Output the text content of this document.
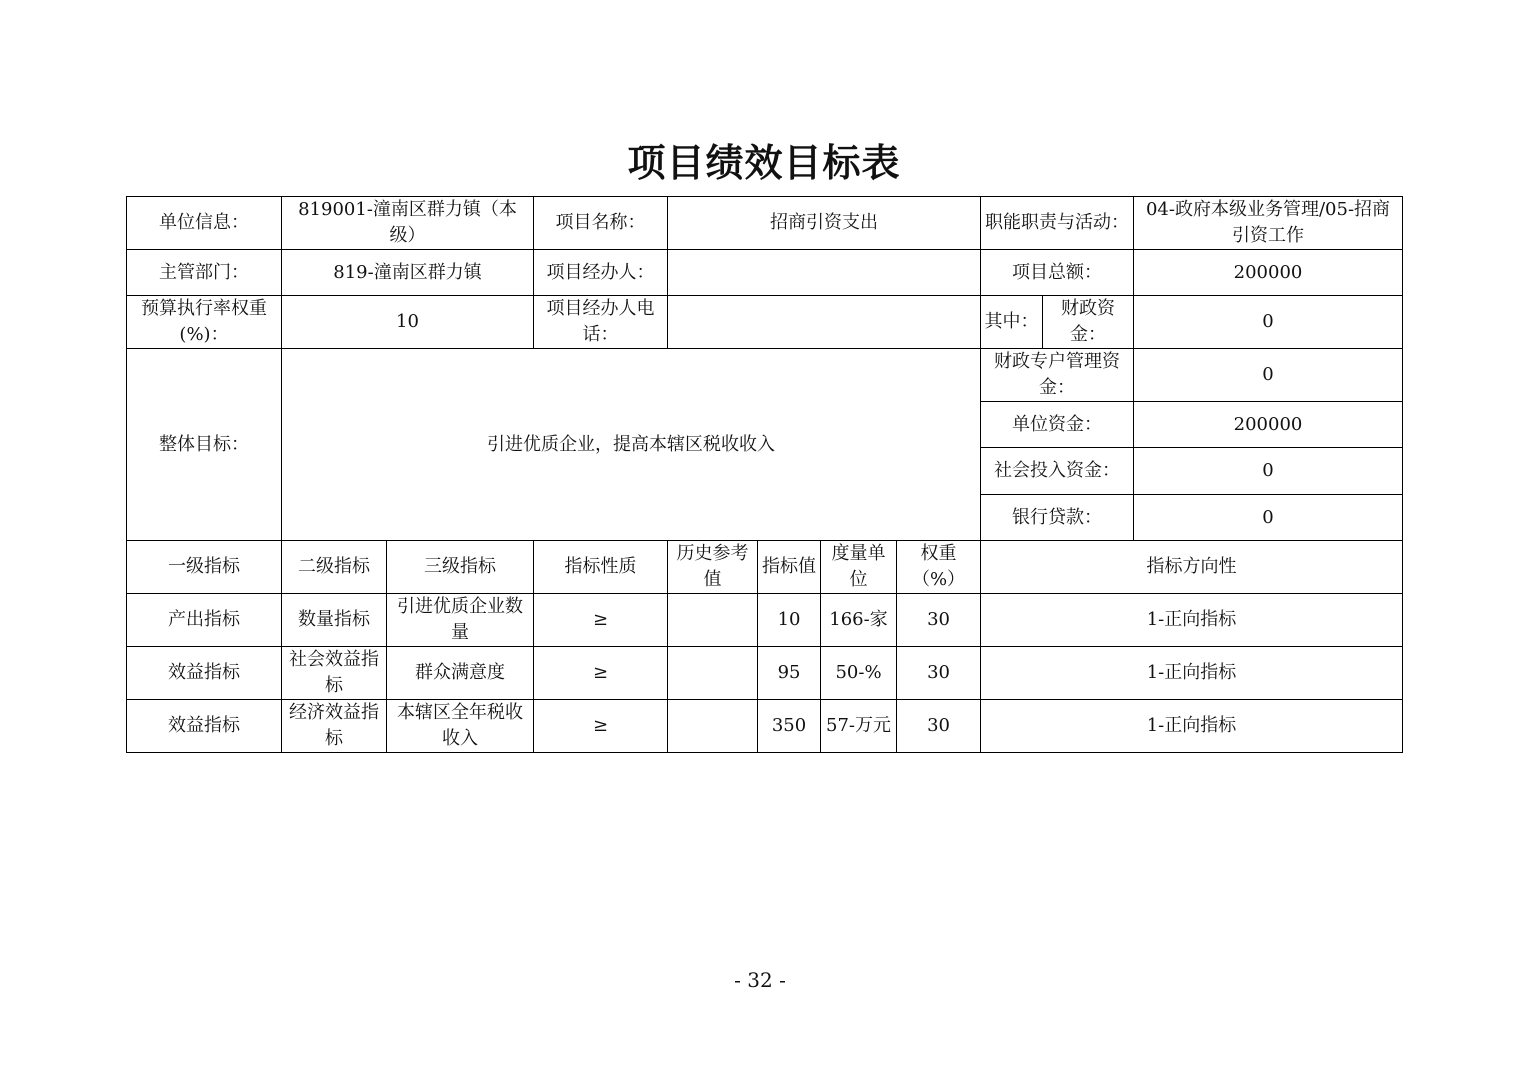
项目绩效目标表
单位信息：	819001-潼南区群力镇（本级）		项目名称：	招商引资支出				职能职责与活动：		04-政府本级业务管理/05-招商引资工作
主管部门：	819-潼南区群力镇		项目经办人：					项目总额：		200000
预算执行率权重(%)：	10		项目经办人电话：					其中：	财政资金：	0
整体目标：	引进优质企业，提高本辖区税收收入							财政专户管理资金：		0
								单位资金：		200000
								社会投入资金：		0
								银行贷款：		0
一级指标	二级指标	三级指标	指标性质	历史参考值	指标值	度量单位	权重（%）	指标方向性		
产出指标	数量指标	引进优质企业数量	≥		10	166-家	30	1-正向指标		
效益指标	社会效益指标	群众满意度	≥		95	50-%	30	1-正向指标		
效益指标	经济效益指标	本辖区全年税收收入	≥		350	57-万元	30	1-正向指标		
- 32 -
